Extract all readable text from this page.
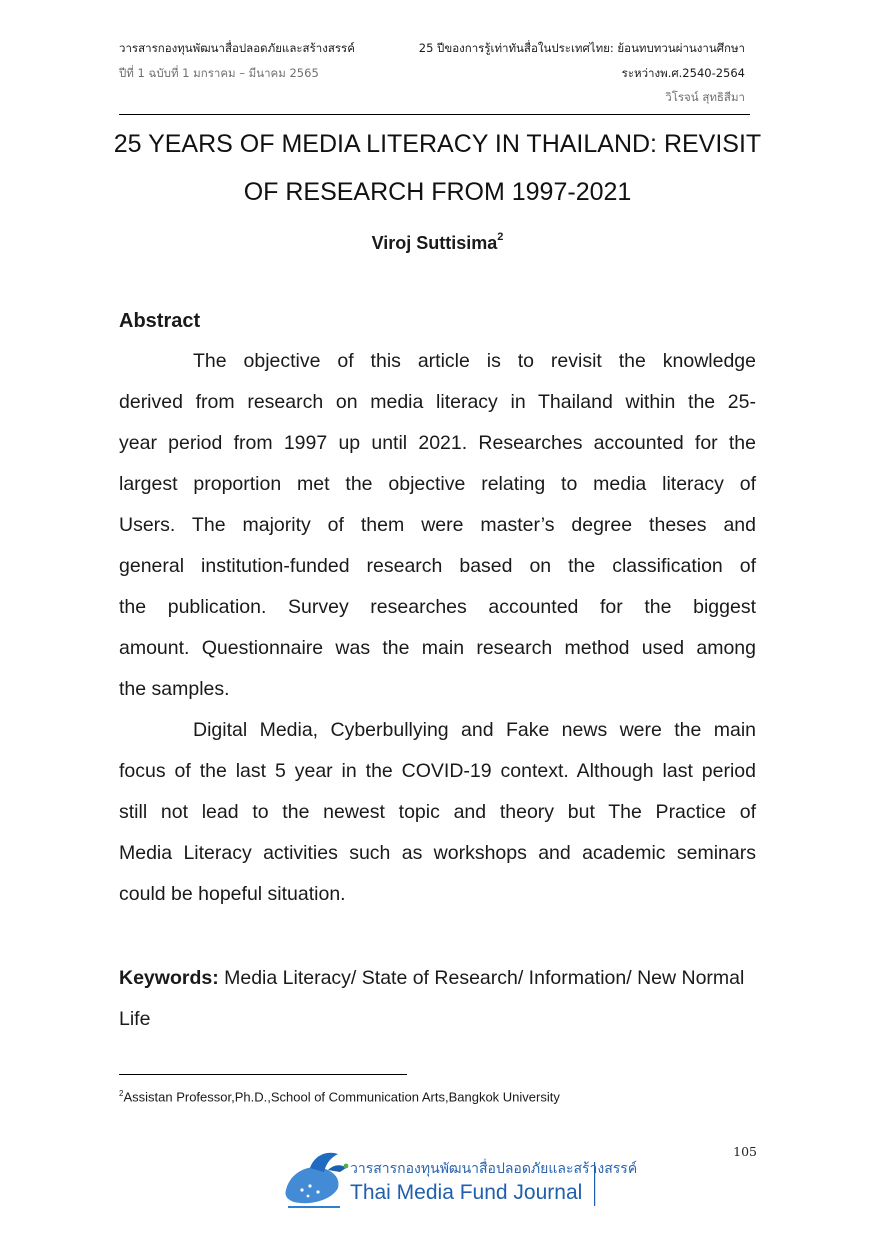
วารสารกองทุนพัฒนาสื่อปลอดภัยและสร้างสรรค์
ปีที่ 1 ฉบับที่ 1 มกราคม – มีนาคม 2565
25 ปีของการรู้เท่าทันสื่อในประเทศไทย: ย้อนทบทวนผ่านงานศึกษา
ระหว่างพ.ศ.2540-2564
วิโรจน์ สุทธิสีมา
25 YEARS OF MEDIA LITERACY IN THAILAND: REVISIT
OF RESEARCH FROM 1997-2021
Viroj Suttisima$^2$
Abstract
The objective of this article is to revisit the knowledge
derived from research on media literacy in Thailand within the 25-
year period from 1997 up until 2021. Researches accounted for the
largest proportion met the objective relating to media literacy of
Users. The majority of them were master’s degree theses and
general institution-funded research based on the classification of
the publication. Survey researches accounted for the biggest
amount. Questionnaire was the main research method used among
the samples.
Digital Media, Cyberbullying and Fake news were the main
focus of the last 5 year in the COVID-19 context. Although last period
still not lead to the newest topic and theory but The Practice of
Media Literacy activities such as workshops and academic seminars
could be hopeful situation.
Keywords: Media Literacy/ State of Research/ Information/ New Normal Life
$^2$Assistan Professor,Ph.D.,School of Communication Arts,Bangkok University
105
วารสารกองทุนพัฒนาสื่อปลอดภัยและสร้างสรรค์
Thai Media Fund Journal
